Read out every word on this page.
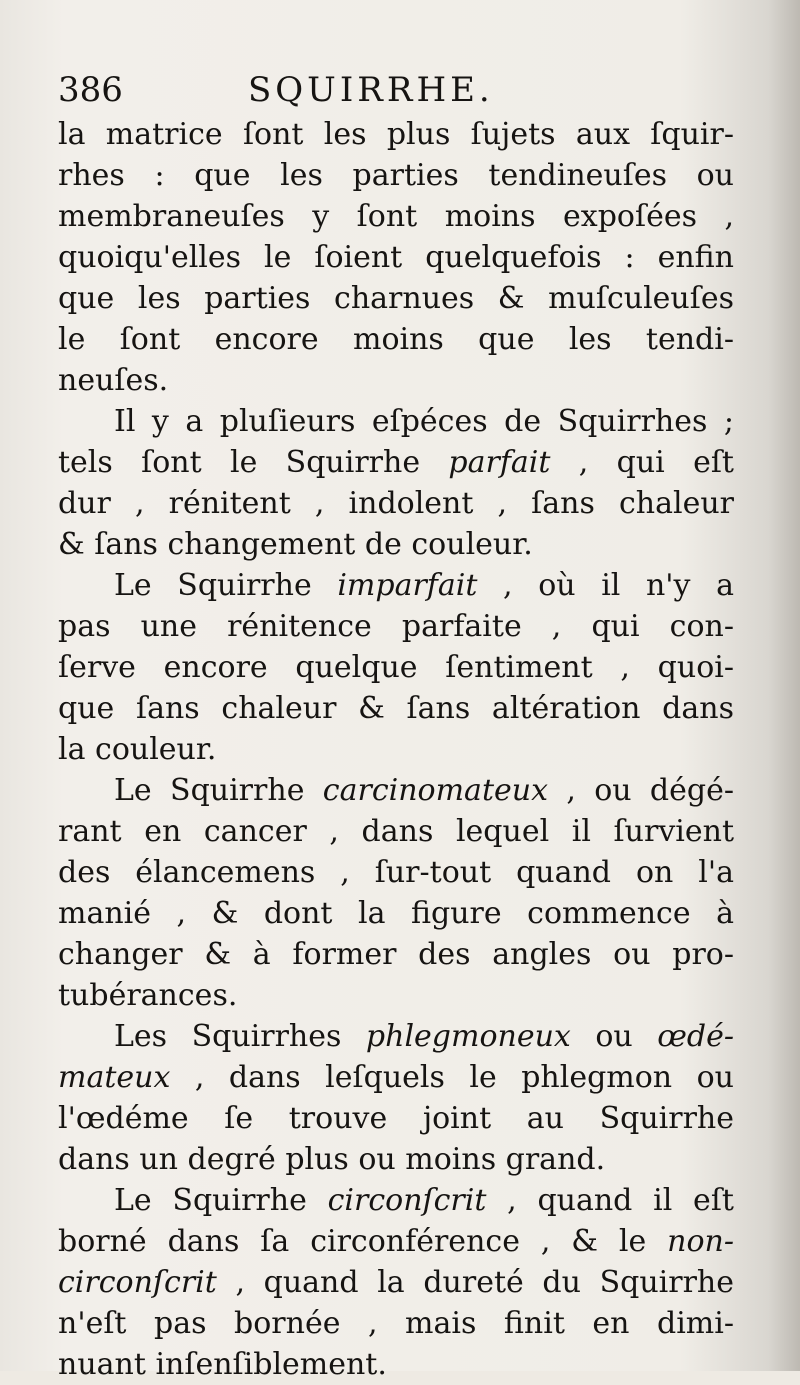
386	SQUIRRHE.
la matrice ſont les plus ſujets aux ſquir-
rhes : que les parties tendineuſes ou
membraneuſes y ſont moins expoſées ,
quoiqu'elles le ſoient quelquefois : enfin
que les parties charnues & muſculeuſes
le ſont encore moins que les tendi-
neuſes.
Il y a pluſieurs eſpéces de Squirrhes ;
tels ſont le Squirrhe parfait , qui eſt
dur , rénitent , indolent , ſans chaleur
& ſans changement de couleur.
Le Squirrhe imparfait , où il n'y a
pas une rénitence parfaite , qui con-
ſerve encore quelque ſentiment , quoi-
que ſans chaleur & ſans altération dans
la couleur.
Le Squirrhe carcinomateux , ou dégé-
rant en cancer , dans lequel il ſurvient
des élancemens , ſur-tout quand on l'a
manié , & dont la figure commence à
changer & à former des angles ou pro-
tubérances.
Les Squirrhes phlegmoneux ou œdé-
mateux , dans leſquels le phlegmon ou
l'œdéme ſe trouve joint au Squirrhe
dans un degré plus ou moins grand.
Le Squirrhe circonſcrit , quand il eſt
borné dans ſa circonférence , & le non-
circonſcrit , quand la dureté du Squirrhe
n'eſt pas bornée , mais finit en dimi-
nuant inſenſiblement.
